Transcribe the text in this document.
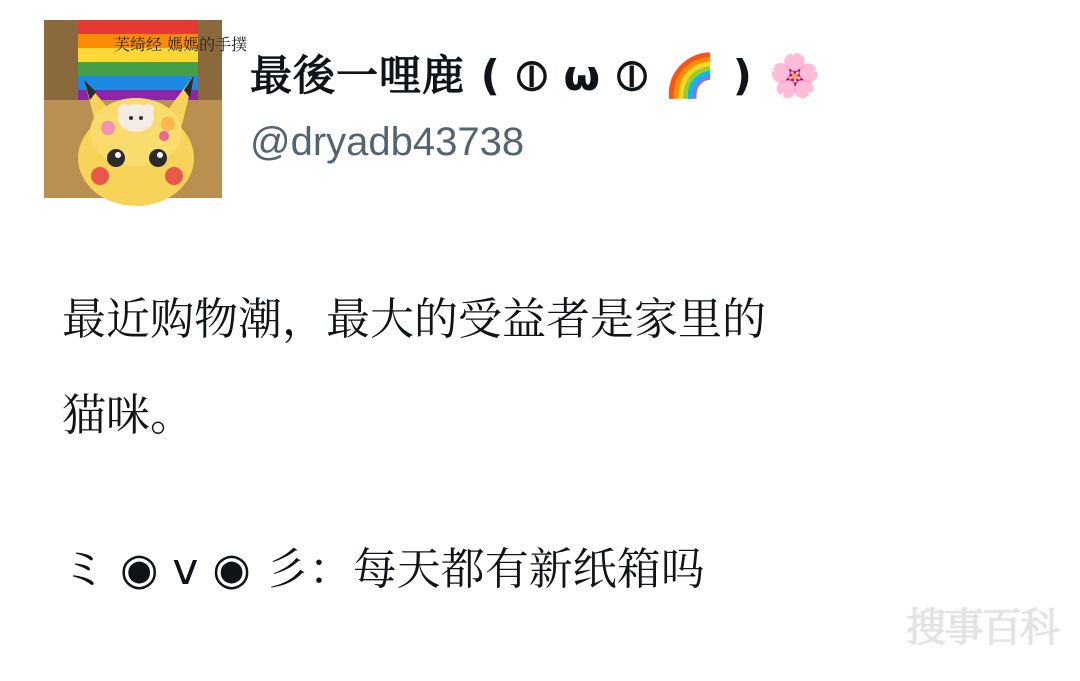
芙绮经 媽媽的手撲
最後一哩鹿 ( ⦶ ω ⦶ 🌈 ) 🌸
@dryadb43738

最近购物潮，最大的受益者是家里的

猫咪。

ミ ◉ v ◉ 彡：每天都有新纸箱吗

搜事百科
